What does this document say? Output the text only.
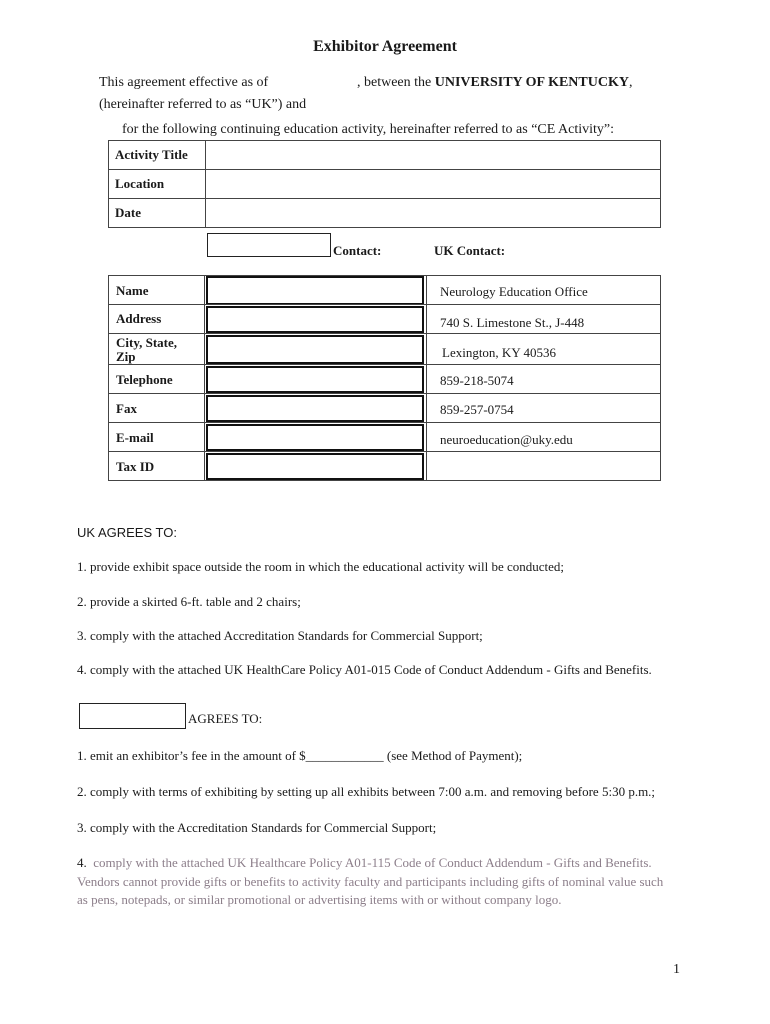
Exhibitor Agreement
This agreement effective as of	, between the UNIVERSITY OF KENTUCKY,
(hereinafter referred to as “UK”) and
for the following continuing education activity, hereinafter referred to as “CE Activity”:
Activity Title	
Location	
Date	
Contact:	UK Contact:
Name	Neurology Education Office
Address	740 S. Limestone St., J-448
City, State, Zip	Lexington, KY 40536
Telephone	859-218-5074
Fax	859-257-0754
E-mail	neuroeducation@uky.edu
Tax ID
UK AGREES TO:
1. provide exhibit space outside the room in which the educational activity will be conducted;
2. provide a skirted 6-ft. table and 2 chairs;
3. comply with the attached Accreditation Standards for Commercial Support;
4. comply with the attached UK HealthCare Policy A01-015 Code of Conduct Addendum - Gifts and Benefits.
AGREES TO:
1. emit an exhibitor’s fee in the amount of $____________ (see Method of Payment);
2. comply with terms of exhibiting by setting up all exhibits between 7:00 a.m. and removing before 5:30 p.m.;
3. comply with the Accreditation Standards for Commercial Support;
4. comply with the attached UK Healthcare Policy A01-115 Code of Conduct Addendum - Gifts and Benefits.
Vendors cannot provide gifts or benefits to activity faculty and participants including gifts of nominal value such
as pens, notepads, or similar promotional or advertising items with or without company logo.
1
